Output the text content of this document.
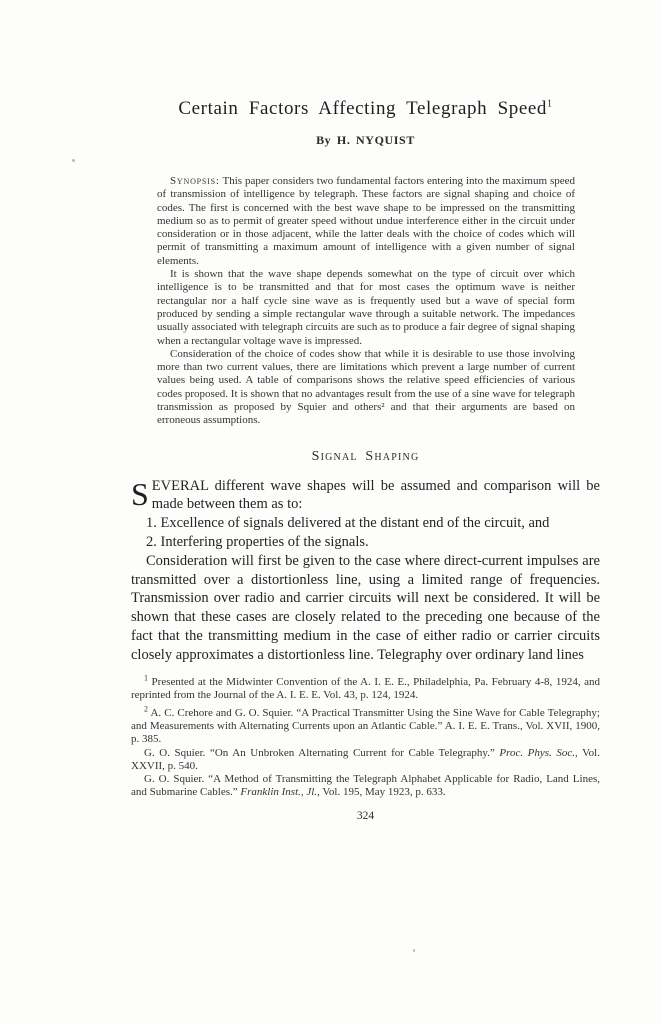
Certain Factors Affecting Telegraph Speed$^1$
By H. NYQUIST

Synopsis: This paper considers two fundamental factors entering into the maximum speed of transmission of intelligence by telegraph. These factors are signal shaping and choice of codes. The first is concerned with the best wave shape to be impressed on the transmitting medium so as to permit of greater speed without undue interference either in the circuit under consideration or in those adjacent, while the latter deals with the choice of codes which will permit of transmitting a maximum amount of intelligence with a given number of signal elements.

It is shown that the wave shape depends somewhat on the type of circuit over which intelligence is to be transmitted and that for most cases the optimum wave is neither rectangular nor a half cycle sine wave as is frequently used but a wave of special form produced by sending a simple rectangular wave through a suitable network. The impedances usually associated with telegraph circuits are such as to produce a fair degree of signal shaping when a rectangular voltage wave is impressed.

Consideration of the choice of codes show that while it is desirable to use those involving more than two current values, there are limitations which prevent a large number of current values being used. A table of comparisons shows the relative speed efficiencies of various codes proposed. It is shown that no advantages result from the use of a sine wave for telegraph transmission as proposed by Squier and others² and that their arguments are based on erroneous assumptions.

Signal Shaping

SEVERAL different wave shapes will be assumed and comparison will be made between them as to:

1. Excellence of signals delivered at the distant end of the circuit, and

2. Interfering properties of the signals.

Consideration will first be given to the case where direct-current impulses are transmitted over a distortionless line, using a limited range of frequencies. Transmission over radio and carrier circuits will next be considered. It will be shown that these cases are closely related to the preceding one because of the fact that the transmitting medium in the case of either radio or carrier circuits closely approximates a distortionless line. Telegraphy over ordinary land lines

$^1$ Presented at the Midwinter Convention of the A. I. E. E., Philadelphia, Pa. February 4-8, 1924, and reprinted from the Journal of the A. I. E. E. Vol. 43, p. 124, 1924.

$^2$ A. C. Crehore and G. O. Squier. “A Practical Transmitter Using the Sine Wave for Cable Telegraphy; and Measurements with Alternating Currents upon an Atlantic Cable.” A. I. E. E. Trans., Vol. XVII, 1900, p. 385.

G. O. Squier. “On An Unbroken Alternating Current for Cable Telegraphy.” Proc. Phys. Soc., Vol. XXVII, p. 540.

G. O. Squier. “A Method of Transmitting the Telegraph Alphabet Applicable for Radio, Land Lines, and Submarine Cables.” Franklin Inst., Jl., Vol. 195, May 1923, p. 633.

324
